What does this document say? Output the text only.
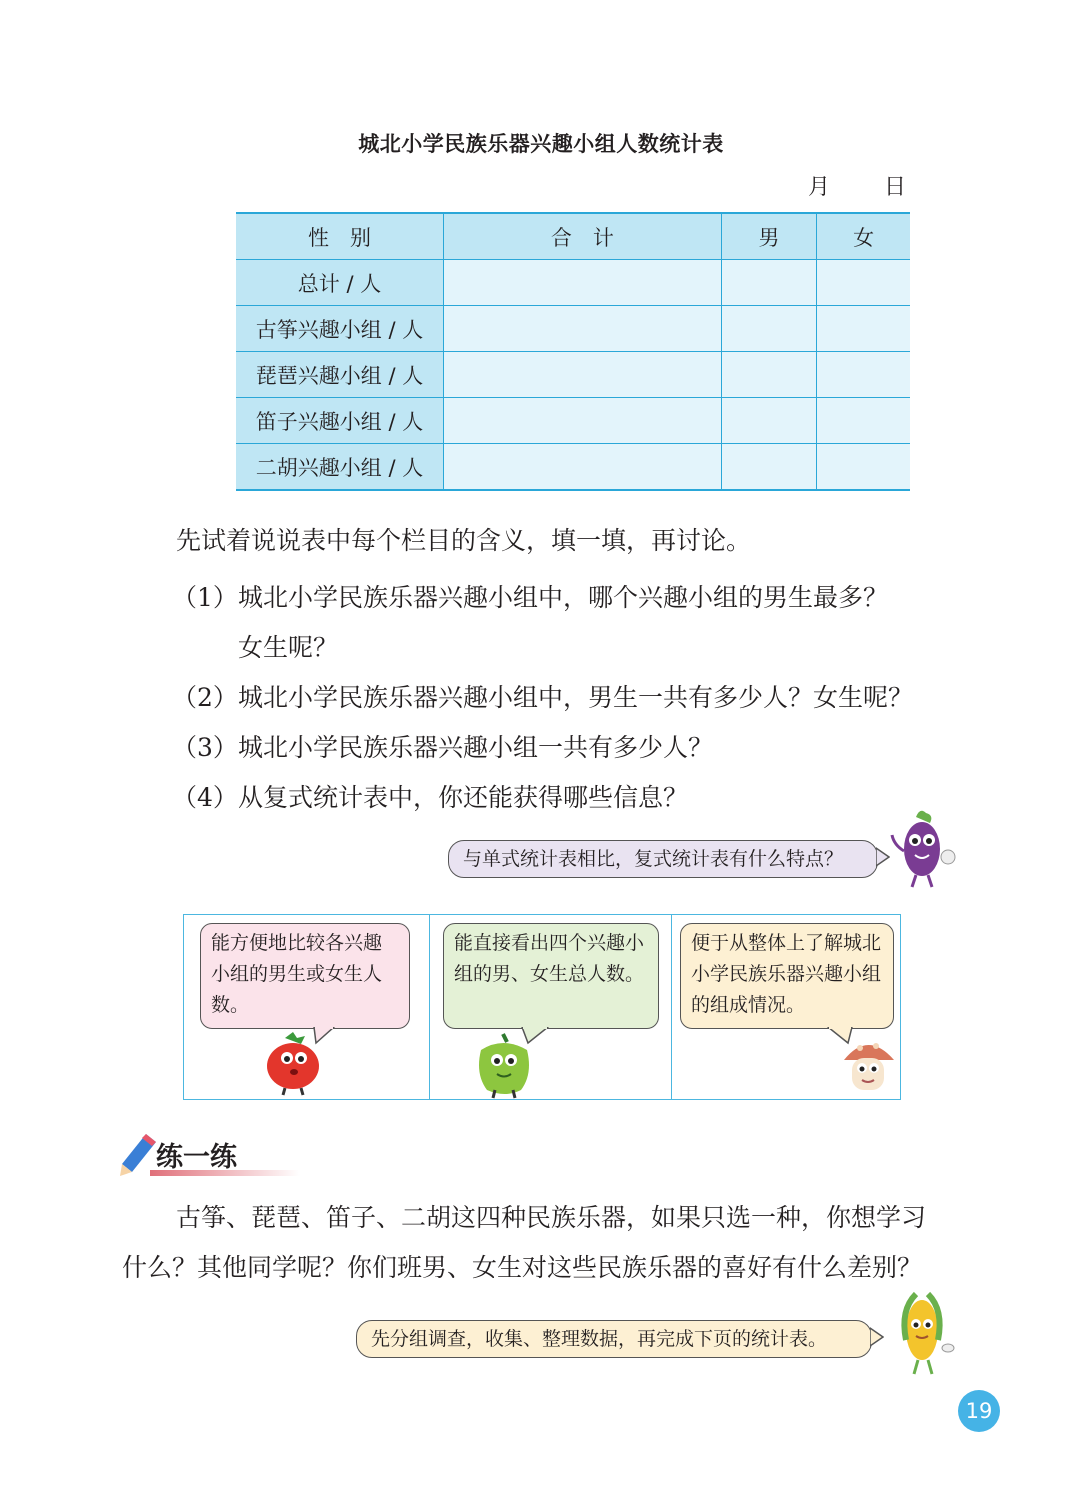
城北小学民族乐器兴趣小组人数统计表
月 日
性　别	合　计	男	女
总计 / 人			
古筝兴趣小组 / 人			
琵琶兴趣小组 / 人			
笛子兴趣小组 / 人			
二胡兴趣小组 / 人			
先试着说说表中每个栏目的含义，填一填，再讨论。
（1）城北小学民族乐器兴趣小组中，哪个兴趣小组的男生最多？
女生呢？
（2）城北小学民族乐器兴趣小组中，男生一共有多少人？女生呢？
（3）城北小学民族乐器兴趣小组一共有多少人？
（4）从复式统计表中，你还能获得哪些信息？
与单式统计表相比，复式统计表有什么特点？
能方便地比较各兴趣小组的男生或女生人数。
能直接看出四个兴趣小组的男、女生总人数。
便于从整体上了解城北小学民族乐器兴趣小组的组成情况。
练一练
古筝、琵琶、笛子、二胡这四种民族乐器，如果只选一种，你想学习
什么？其他同学呢？你们班男、女生对这些民族乐器的喜好有什么差别？
先分组调查，收集、整理数据，再完成下页的统计表。
19
